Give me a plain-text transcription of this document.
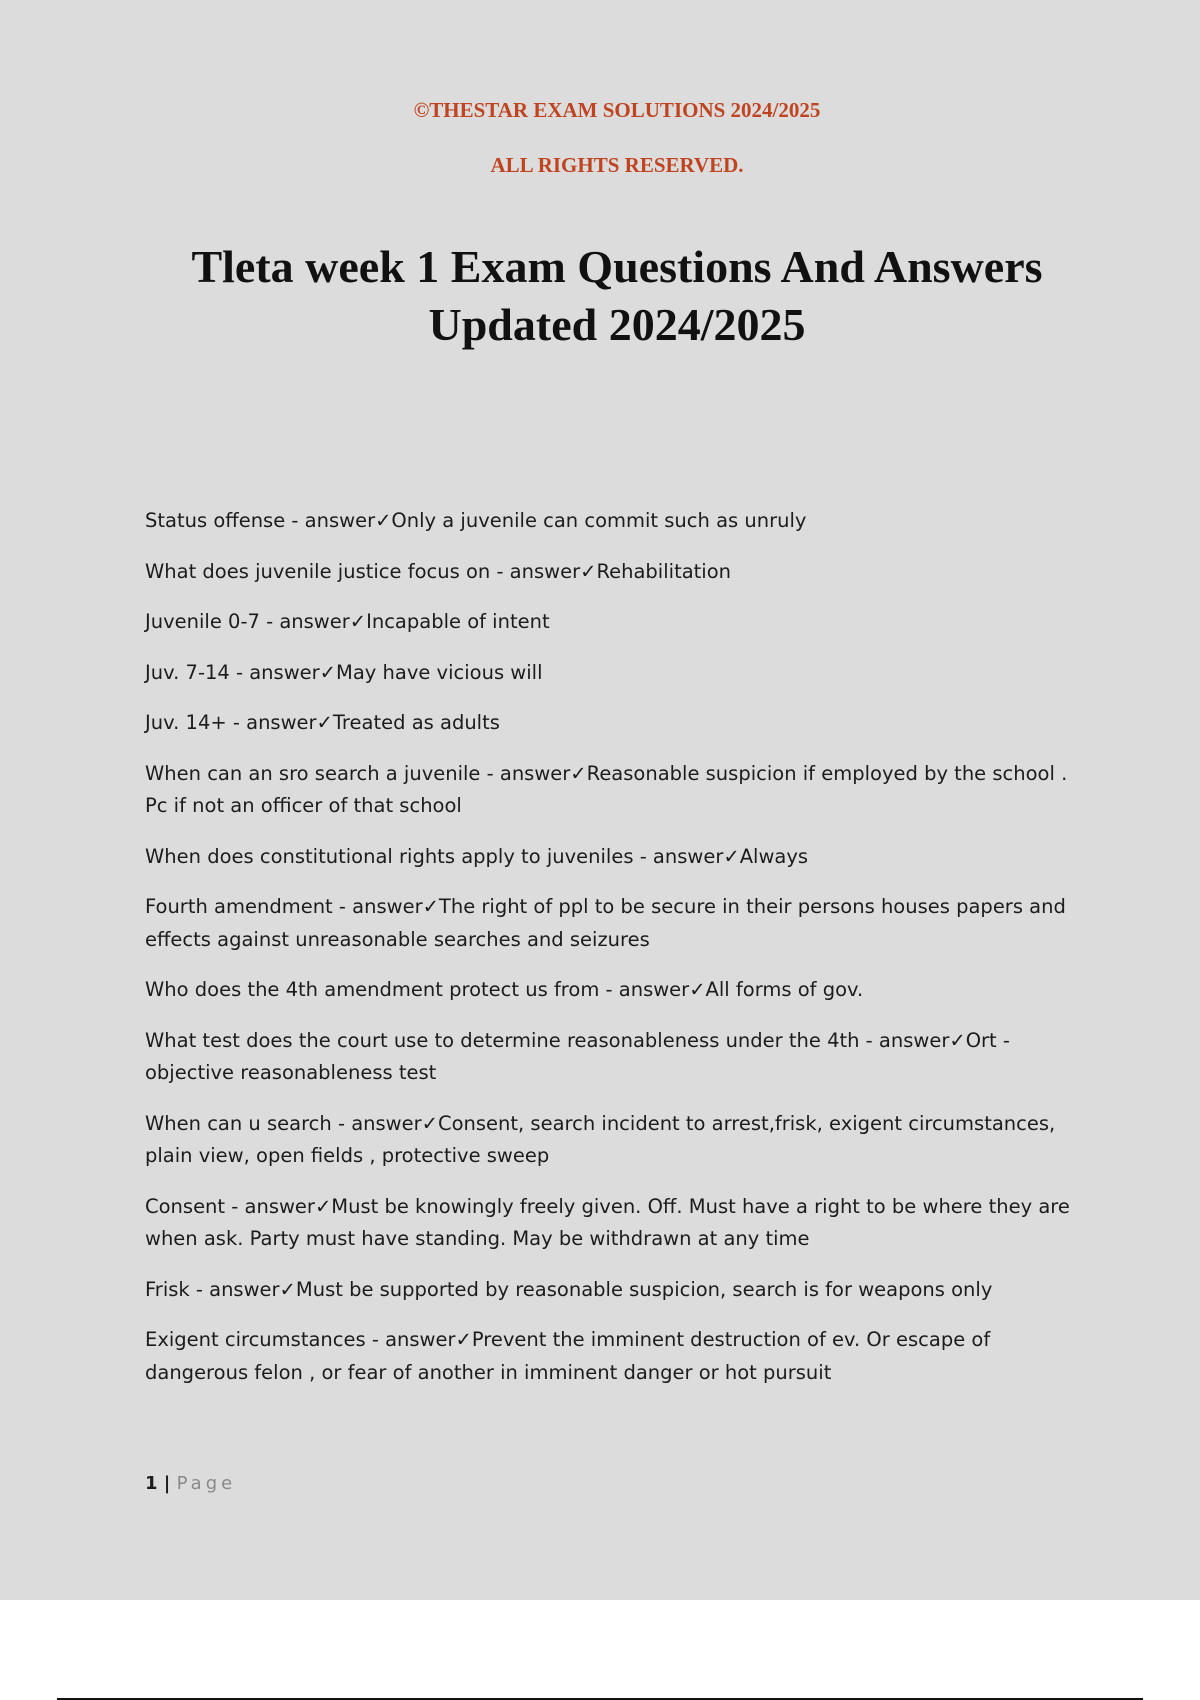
©THESTAR EXAM SOLUTIONS 2024/2025
ALL RIGHTS RESERVED.
Tleta week 1 Exam Questions And Answers
Updated 2024/2025
Status offense - answer✓Only a juvenile can commit such as unruly
What does juvenile justice focus on - answer✓Rehabilitation
Juvenile 0-7 - answer✓Incapable of intent
Juv. 7-14 - answer✓May have vicious will
Juv. 14+ - answer✓Treated as adults
When can an sro search a juvenile - answer✓Reasonable suspicion if employed by the school . Pc if not an officer of that school
When does constitutional rights apply to juveniles - answer✓Always
Fourth amendment - answer✓The right of ppl to be secure in their persons houses papers and effects against unreasonable searches and seizures
Who does the 4th amendment protect us from - answer✓All forms of gov.
What test does the court use to determine reasonableness under the 4th - answer✓Ort - objective reasonableness test
When can u search - answer✓Consent, search incident to arrest,frisk, exigent circumstances, plain view, open fields , protective sweep
Consent - answer✓Must be knowingly freely given. Off. Must have a right to be where they are when ask. Party must have standing. May be withdrawn at any time
Frisk - answer✓Must be supported by reasonable suspicion, search is for weapons only
Exigent circumstances - answer✓Prevent the imminent destruction of ev. Or escape of dangerous felon , or fear of another in imminent danger or hot pursuit
1 | Page
